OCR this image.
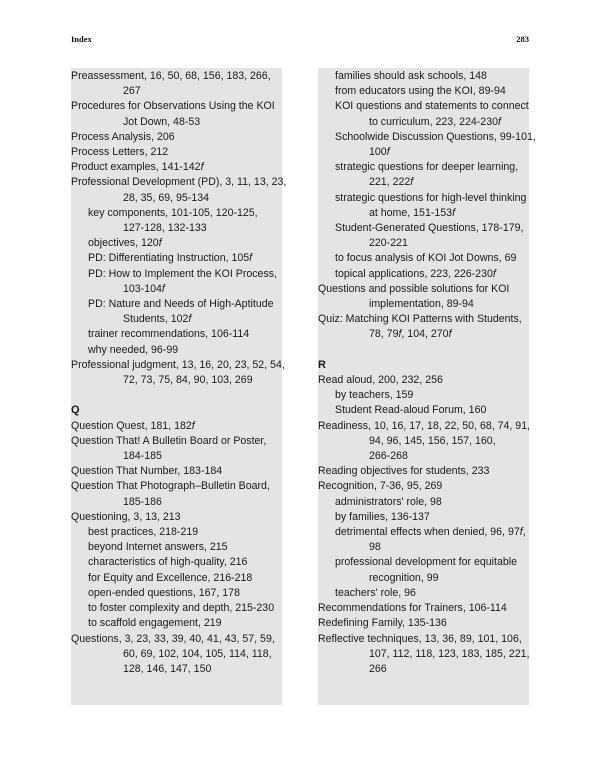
Index	283
Preassessment, 16, 50, 68, 156, 183, 266,
267
Procedures for Observations Using the KOI
Jot Down, 48-53
Process Analysis, 206
Process Letters, 212
Product examples, 141-142f
Professional Development (PD), 3, 11, 13, 23,
28, 35, 69, 95-134
key components, 101-105, 120-125,
127-128, 132-133
objectives, 120f
PD: Differentiating Instruction, 105f
PD: How to Implement the KOI Process,
103-104f
PD: Nature and Needs of High-Aptitude
Students, 102f
trainer recommendations, 106-114
why needed, 96-99
Professional judgment, 13, 16, 20, 23, 52, 54,
72, 73, 75, 84, 90, 103, 269
Q
Question Quest, 181, 182f
Question That! A Bulletin Board or Poster,
184-185
Question That Number, 183-184
Question That Photograph–Bulletin Board,
185-186
Questioning, 3, 13, 213
best practices, 218-219
beyond Internet answers, 215
characteristics of high-quality, 216
for Equity and Excellence, 216-218
open-ended questions, 167, 178
to foster complexity and depth, 215-230
to scaffold engagement, 219
Questions, 3, 23, 33, 39, 40, 41, 43, 57, 59,
60, 69, 102, 104, 105, 114, 118,
128, 146, 147, 150
families should ask schools, 148
from educators using the KOI, 89-94
KOI questions and statements to connect
to curriculum, 223, 224-230f
Schoolwide Discussion Questions, 99-101,
100f
strategic questions for deeper learning,
221, 222f
strategic questions for high-level thinking
at home, 151-153f
Student-Generated Questions, 178-179,
220-221
to focus analysis of KOI Jot Downs, 69
topical applications, 223, 226-230f
Questions and possible solutions for KOI
implementation, 89-94
Quiz: Matching KOI Patterns with Students,
78, 79f, 104, 270f
R
Read aloud, 200, 232, 256
by teachers, 159
Student Read-aloud Forum, 160
Readiness, 10, 16, 17, 18, 22, 50, 68, 74, 91,
94, 96, 145, 156, 157, 160,
266-268
Reading objectives for students, 233
Recognition, 7-36, 95, 269
administrators' role, 98
by families, 136-137
detrimental effects when denied, 96, 97f,
98
professional development for equitable
recognition, 99
teachers' role, 96
Recommendations for Trainers, 106-114
Redefining Family, 135-136
Reflective techniques, 13, 36, 89, 101, 106,
107, 112, 118, 123, 183, 185, 221,
266
